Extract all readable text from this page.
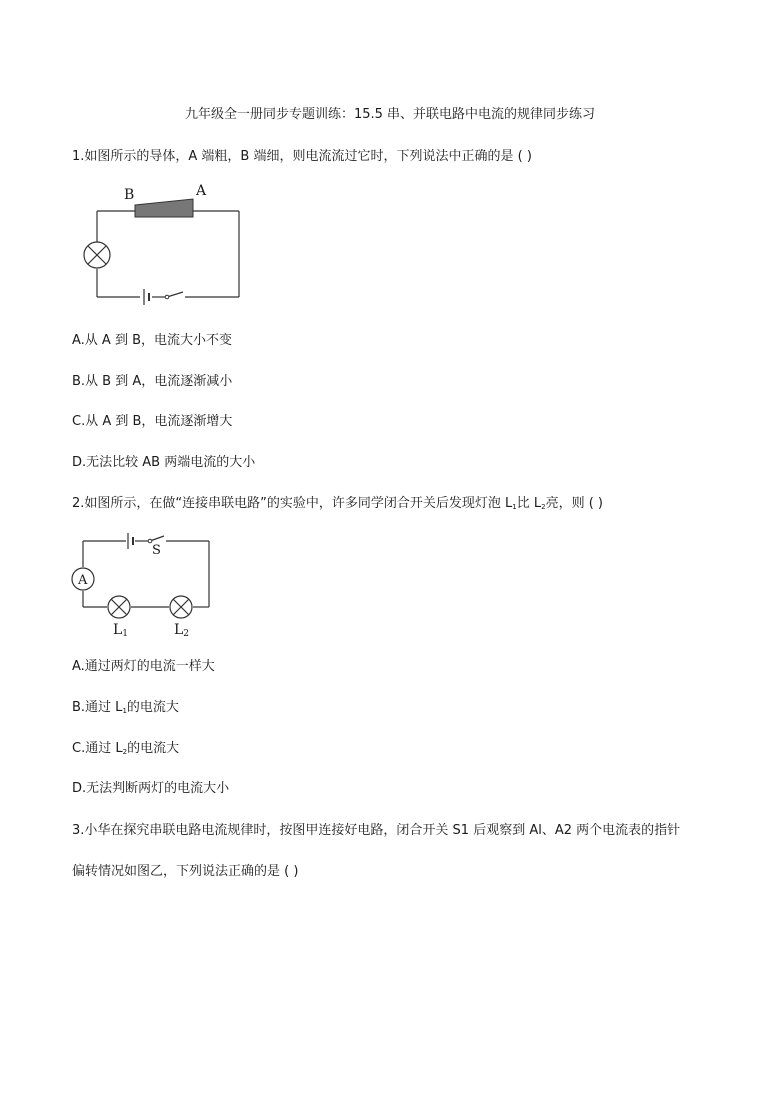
九年级全一册同步专题训练：15.5 串、并联电路中电流的规律同步练习
1.如图所示的导体，A 端粗，B 端细，则电流流过它时，下列说法中正确的是 ( )
B	A
A.从 A 到 B，电流大小不变
B.从 B 到 A，电流逐渐减小
C.从 A 到 B，电流逐渐增大
D.无法比较 AB 两端电流的大小
2.如图所示，在做“连接串联电路”的实验中，许多同学闭合开关后发现灯泡 L1比 L2亮，则 ( )
A
S
L1	L2
A.通过两灯的电流一样大
B.通过 L1的电流大
C.通过 L2的电流大
D.无法判断两灯的电流大小
3.小华在探究串联电路电流规律时，按图甲连接好电路，闭合开关 S1 后观察到 Al、A2 两个电流表的指针
偏转情况如图乙，下列说法正确的是 ( )
